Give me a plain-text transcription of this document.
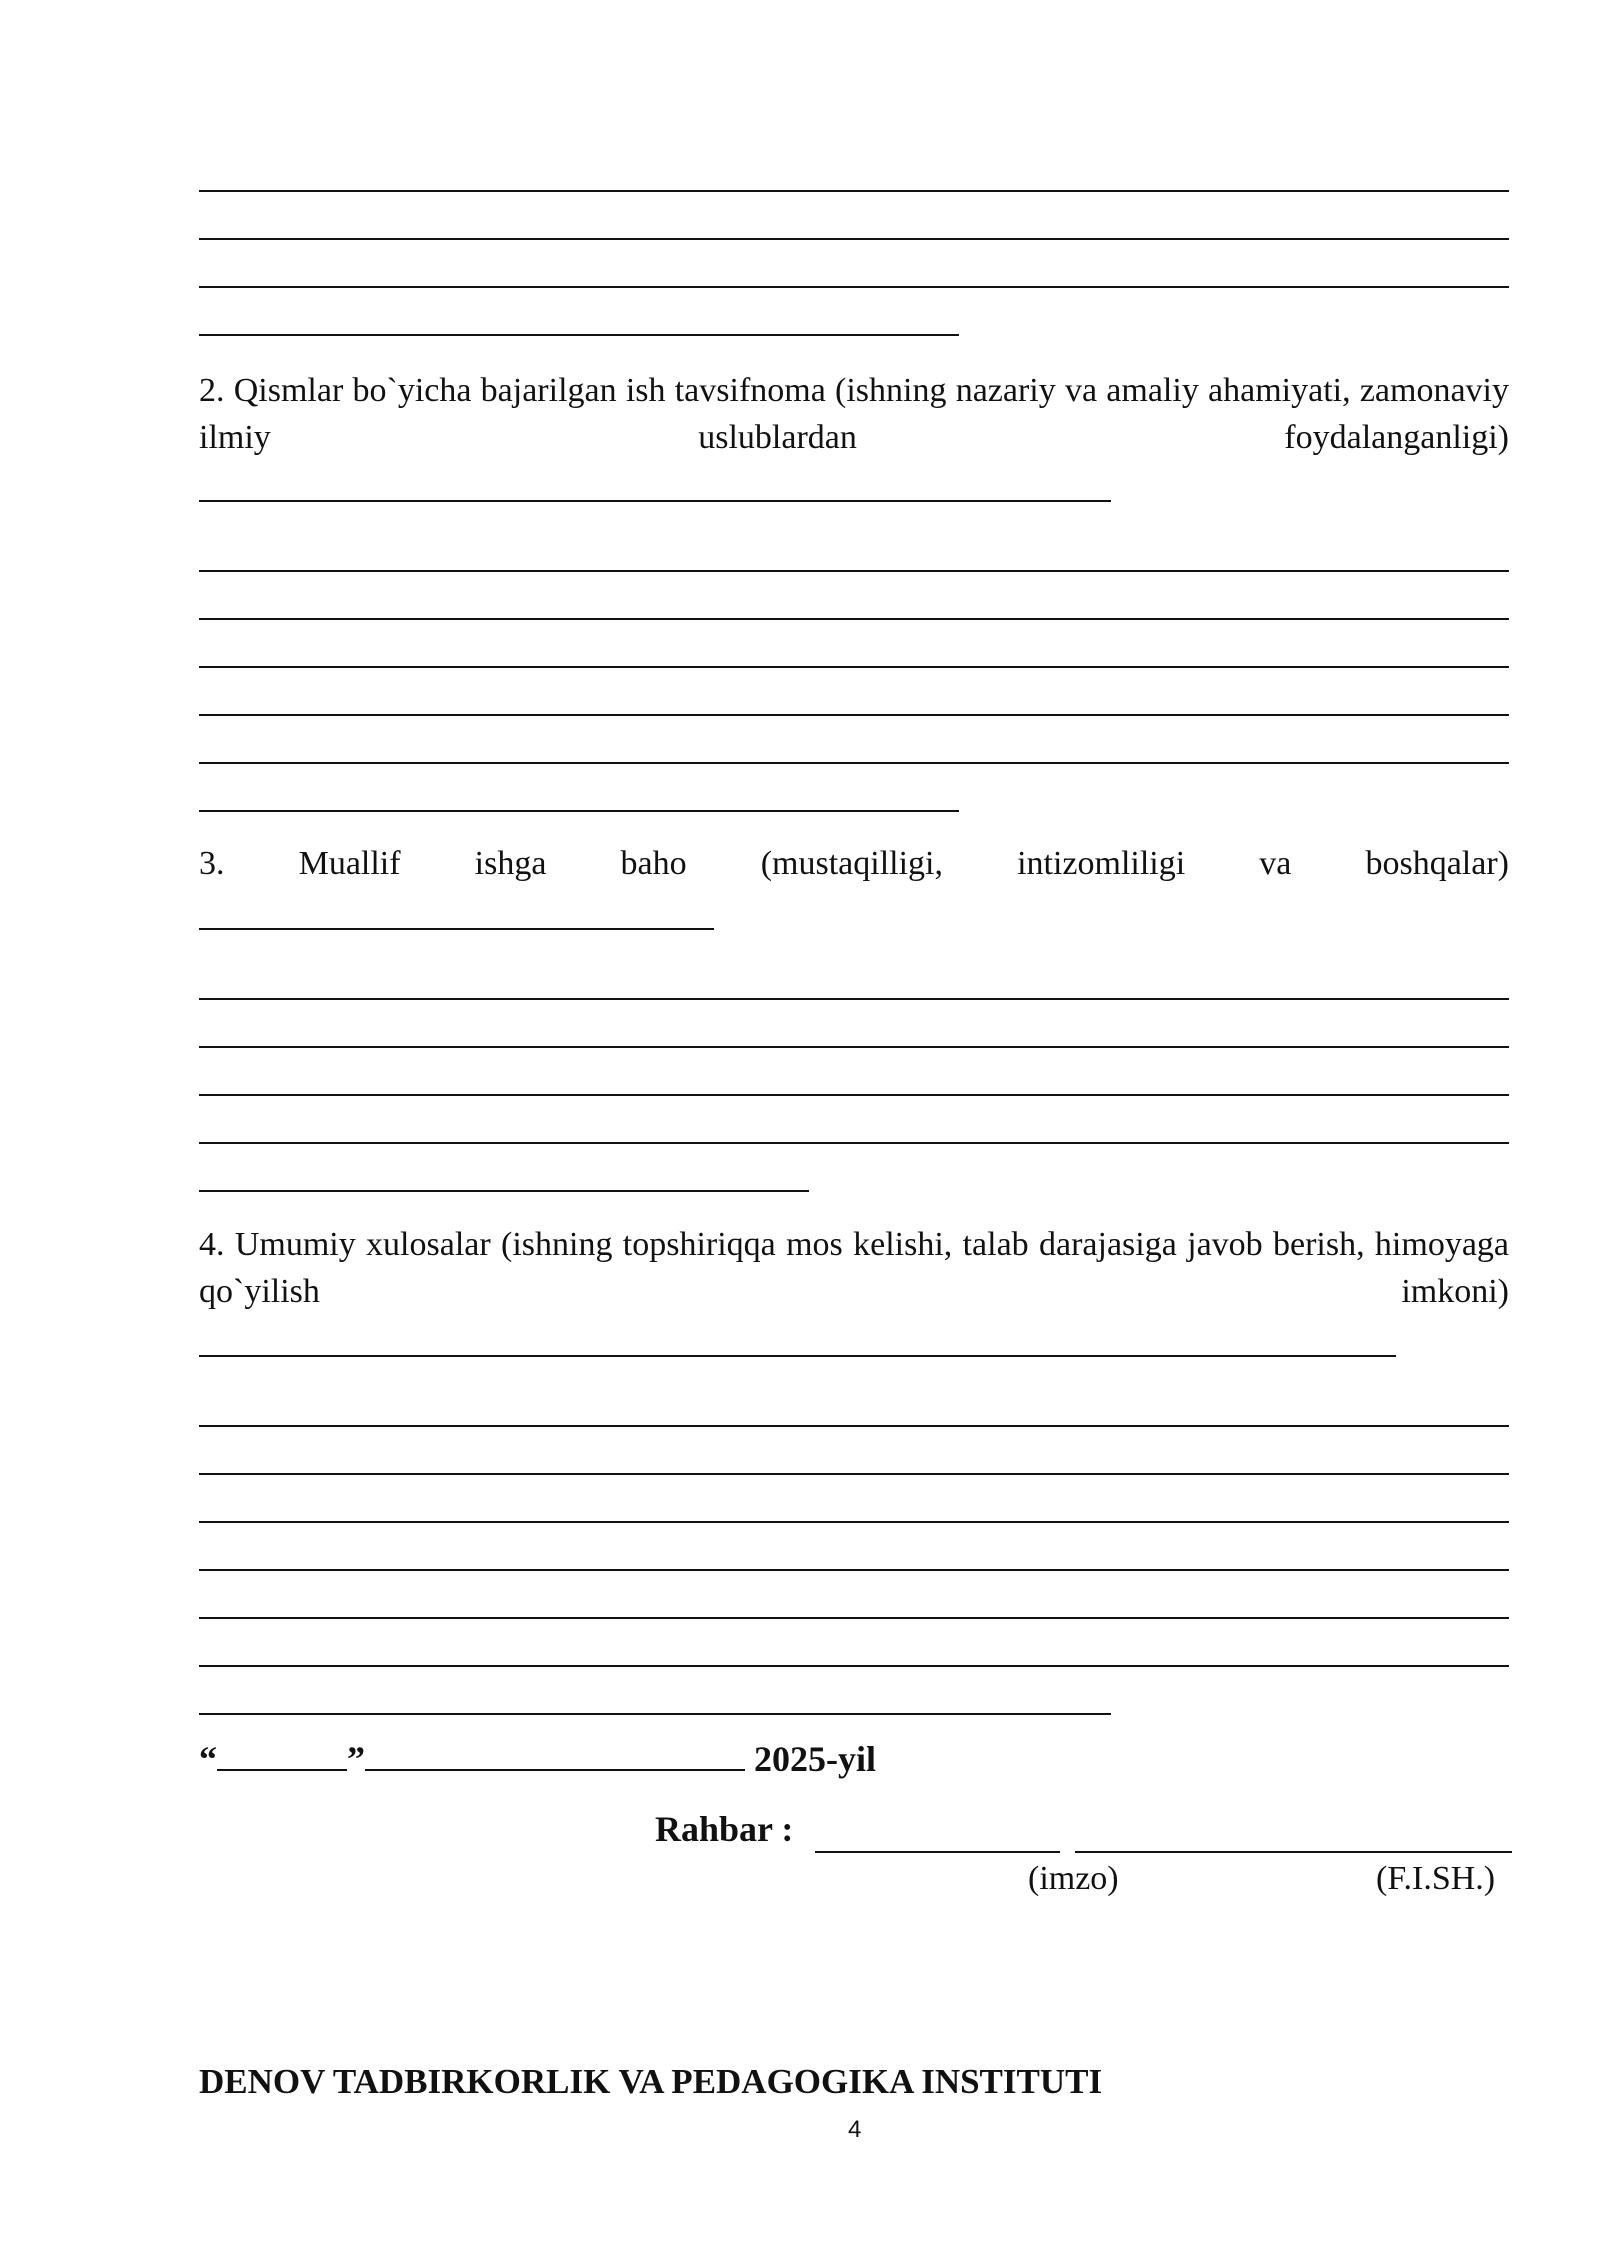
2. Qismlar bo`yicha bajarilgan ish tavsifnoma (ishning nazariy va amaliy ahamiyati, zamonaviy ilmiy uslublardan foydalanganligi)

3. Muallif ishga baho (mustaqilligi, intizomliligi va boshqalar)

4. Umumiy xulosalar (ishning topshiriqqa mos kelishi, talab darajasiga javob berish, himoyaga qo`yilish imkoni)

“	”	2025-yil
Rahbar :
(imzo)	(F.I.SH.)
DENOV TADBIRKORLIK VA PEDAGOGIKA INSTITUTI
4
